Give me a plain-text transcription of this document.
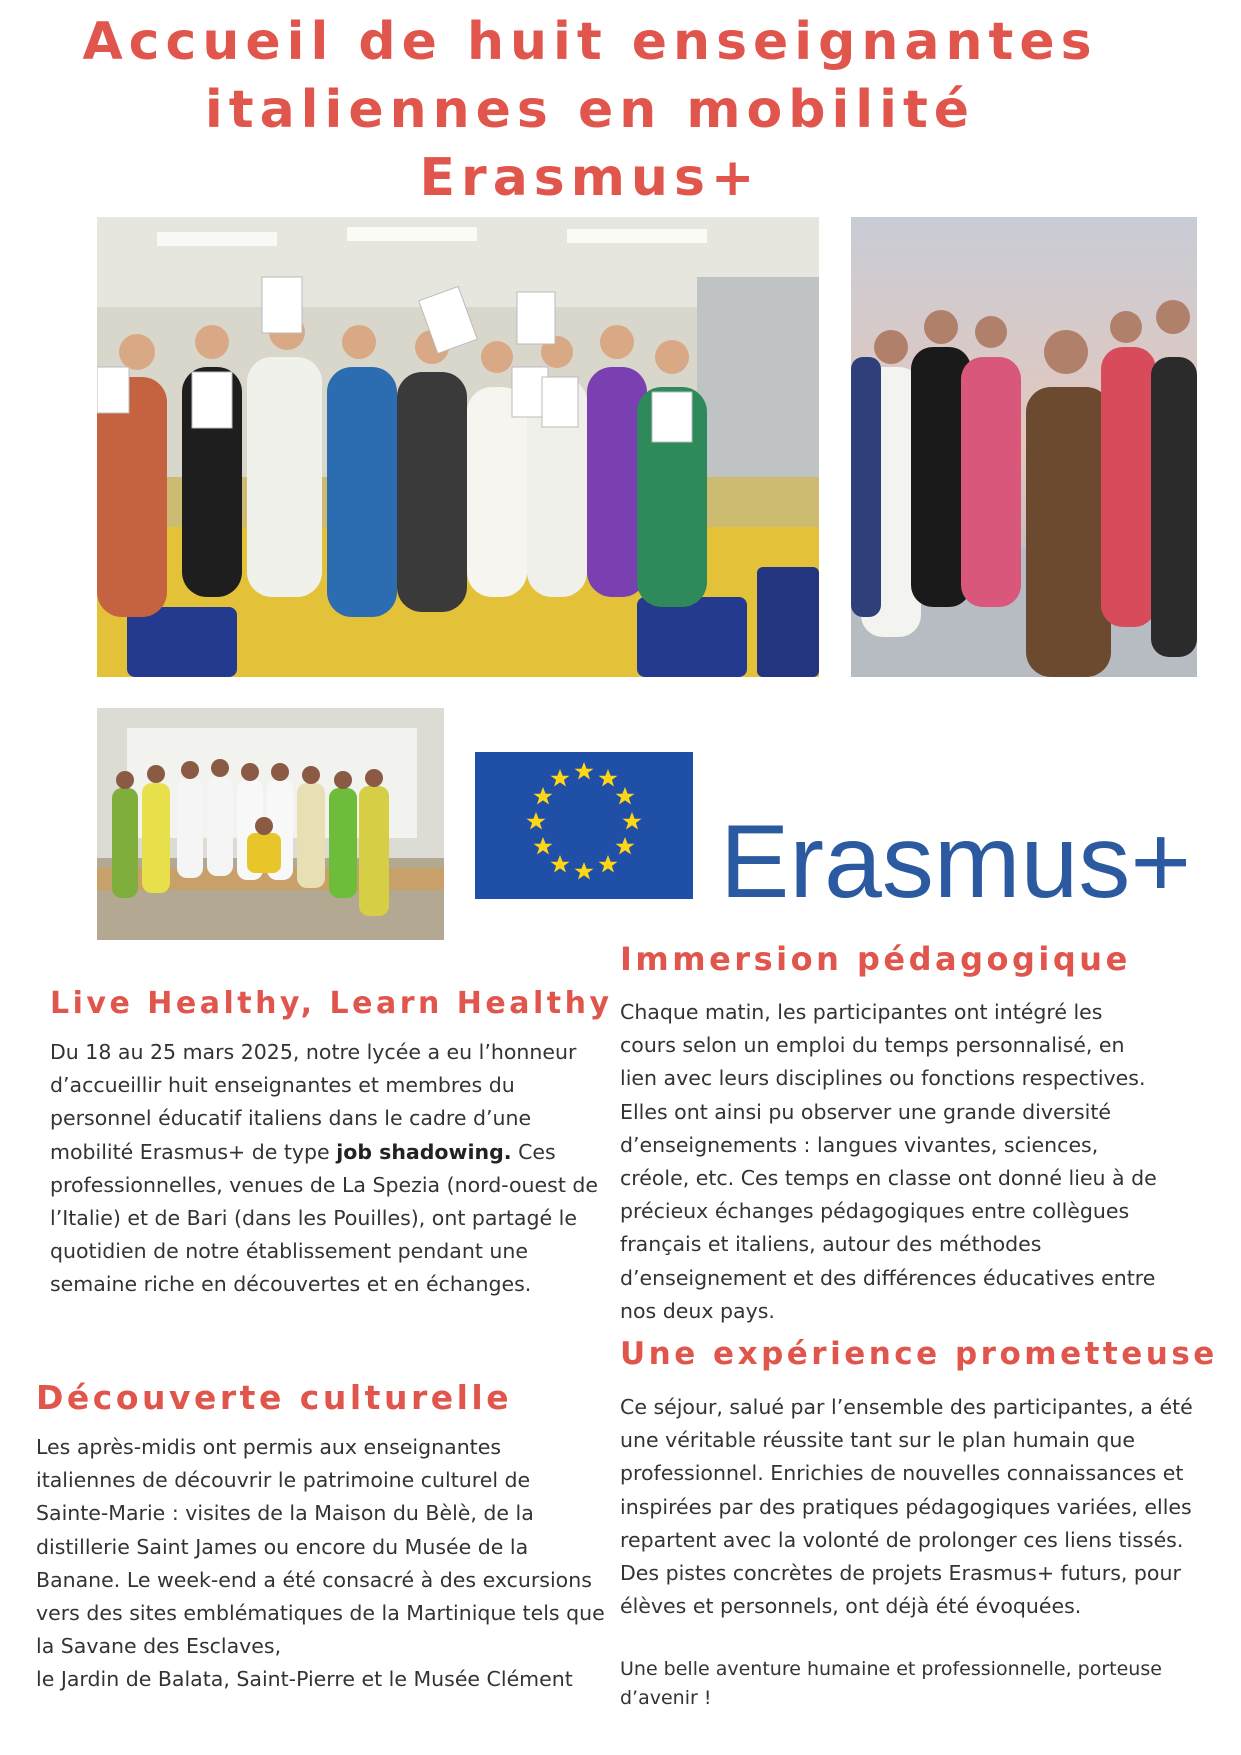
Accueil de huit enseignantes
italiennes en mobilité
Erasmus+
Erasmus+
Live Healthy, Learn Healthy

Du 18 au 25 mars 2025, notre lycée a eu l’honneur d’accueillir huit enseignantes et membres du personnel éducatif italiens dans le cadre d’une mobilité Erasmus+ de type job shadowing. Ces professionnelles, venues de La Spezia (nord-ouest de l’Italie) et de Bari (dans les Pouilles), ont partagé le quotidien de notre établissement pendant une semaine riche en découvertes et en échanges.

Découverte culturelle

Les après-midis ont permis aux enseignantes italiennes de découvrir le patrimoine culturel de Sainte-Marie : visites de la Maison du Bèlè, de la distillerie Saint James ou encore du Musée de la Banane. Le week-end a été consacré à des excursions vers des sites emblématiques de la Martinique tels que la Savane des Esclaves,
le Jardin de Balata, Saint-Pierre et le Musée Clément

Immersion pédagogique

Chaque matin, les participantes ont intégré les cours selon un emploi du temps personnalisé, en lien avec leurs disciplines ou fonctions respectives. Elles ont ainsi pu observer une grande diversité d’enseignements : langues vivantes, sciences, créole, etc. Ces temps en classe ont donné lieu à de précieux échanges pédagogiques entre collègues français et italiens, autour des méthodes d’enseignement et des différences éducatives entre nos deux pays.

Une expérience prometteuse

Ce séjour, salué par l’ensemble des participantes, a été une véritable réussite tant sur le plan humain que professionnel. Enrichies de nouvelles connaissances et inspirées par des pratiques pédagogiques variées, elles repartent avec la volonté de prolonger ces liens tissés. Des pistes concrètes de projets Erasmus+ futurs, pour élèves et personnels, ont déjà été évoquées.

Une belle aventure humaine et professionnelle, porteuse d’avenir !
